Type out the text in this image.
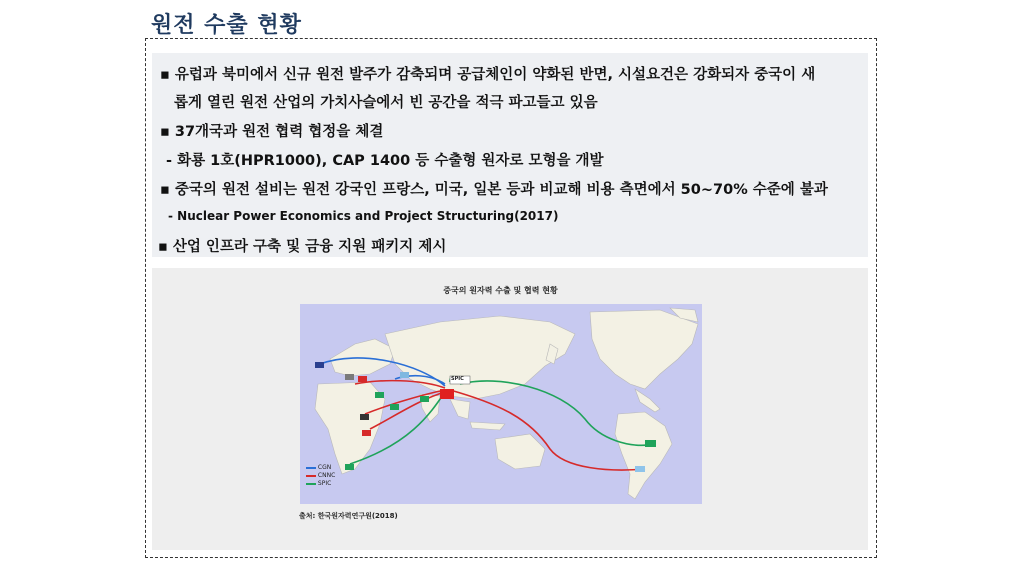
원전 수출 현황
▪ 유럽과 북미에서 신규 원전 발주가 감축되며 공급체인이 약화된 반면, 시설요건은 강화되자 중국이 새
롭게 열린 원전 산업의 가치사슬에서 빈 공간을 적극 파고들고 있음
▪ 37개국과 원전 협력 협정을 체결
- 화룡 1호(HPR1000), CAP 1400 등 수출형 원자로 모형을 개발
▪ 중국의 원전 설비는 원전 강국인 프랑스, 미국, 일본 등과 비교해 비용 측면에서 50~70% 수준에 불과
- Nuclear Power Economics and Project Structuring(2017)
▪ 산업 인프라 구축 및 금융 지원 패키지 제시
중국의 원자력 수출 및 협력 현황
SPIC
CGN
CNNC
SPIC
출처: 한국원자력연구원(2018)
